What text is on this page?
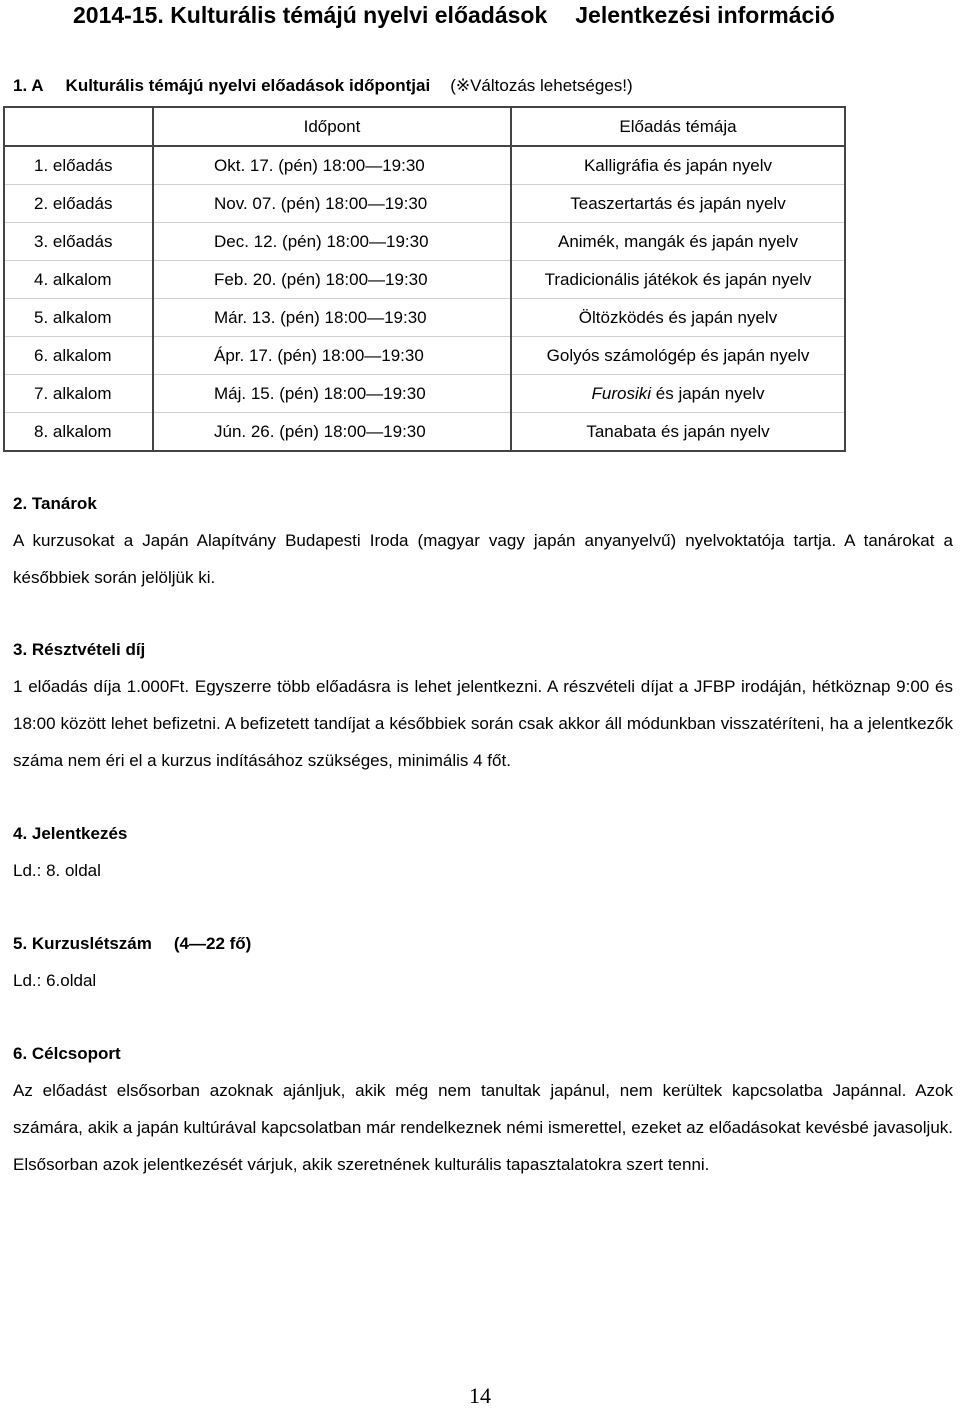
2014-15. Kulturális témájú nyelvi előadások Jelentkezési információ
1. A Kulturális témájú nyelvi előadások időpontjai (※Változás lehetséges!)
	Időpont	Előadás témája
1. előadás	Okt. 17. (pén) 18:00―19:30	Kalligráfia és japán nyelv
2. előadás	Nov. 07. (pén) 18:00―19:30	Teaszertartás és japán nyelv
3. előadás	Dec. 12. (pén) 18:00―19:30	Animék, mangák és japán nyelv
4. alkalom	Feb. 20. (pén) 18:00―19:30	Tradicionális játékok és japán nyelv
5. alkalom	Már. 13. (pén) 18:00―19:30	Öltözködés és japán nyelv
6. alkalom	Ápr. 17. (pén) 18:00―19:30	Golyós számológép és japán nyelv
7. alkalom	Máj. 15. (pén) 18:00―19:30	Furosiki és japán nyelv
8. alkalom	Jún. 26. (pén) 18:00―19:30	Tanabata és japán nyelv
2. Tanárok
A kurzusokat a Japán Alapítvány Budapesti Iroda (magyar vagy japán anyanyelvű) nyelvoktatója tartja. A tanárokat a későbbiek során jelöljük ki.
3. Résztvételi díj
1 előadás díja 1.000Ft. Egyszerre több előadásra is lehet jelentkezni. A részvételi díjat a JFBP irodáján, hétköznap 9:00 és 18:00 között lehet befizetni. A befizetett tandíjat a későbbiek során csak akkor áll módunkban visszatéríteni, ha a jelentkezők száma nem éri el a kurzus indításához szükséges, minimális 4 főt.
4. Jelentkezés
Ld.: 8. oldal
5. Kurzuslétszám (4―22 fő)
Ld.: 6.oldal
6. Célcsoport
Az előadást elsősorban azoknak ajánljuk, akik még nem tanultak japánul, nem kerültek kapcsolatba Japánnal. Azok számára, akik a japán kultúrával kapcsolatban már rendelkeznek némi ismerettel, ezeket az előadásokat kevésbé javasoljuk. Elsősorban azok jelentkezését várjuk, akik szeretnének kulturális tapasztalatokra szert tenni.
14
